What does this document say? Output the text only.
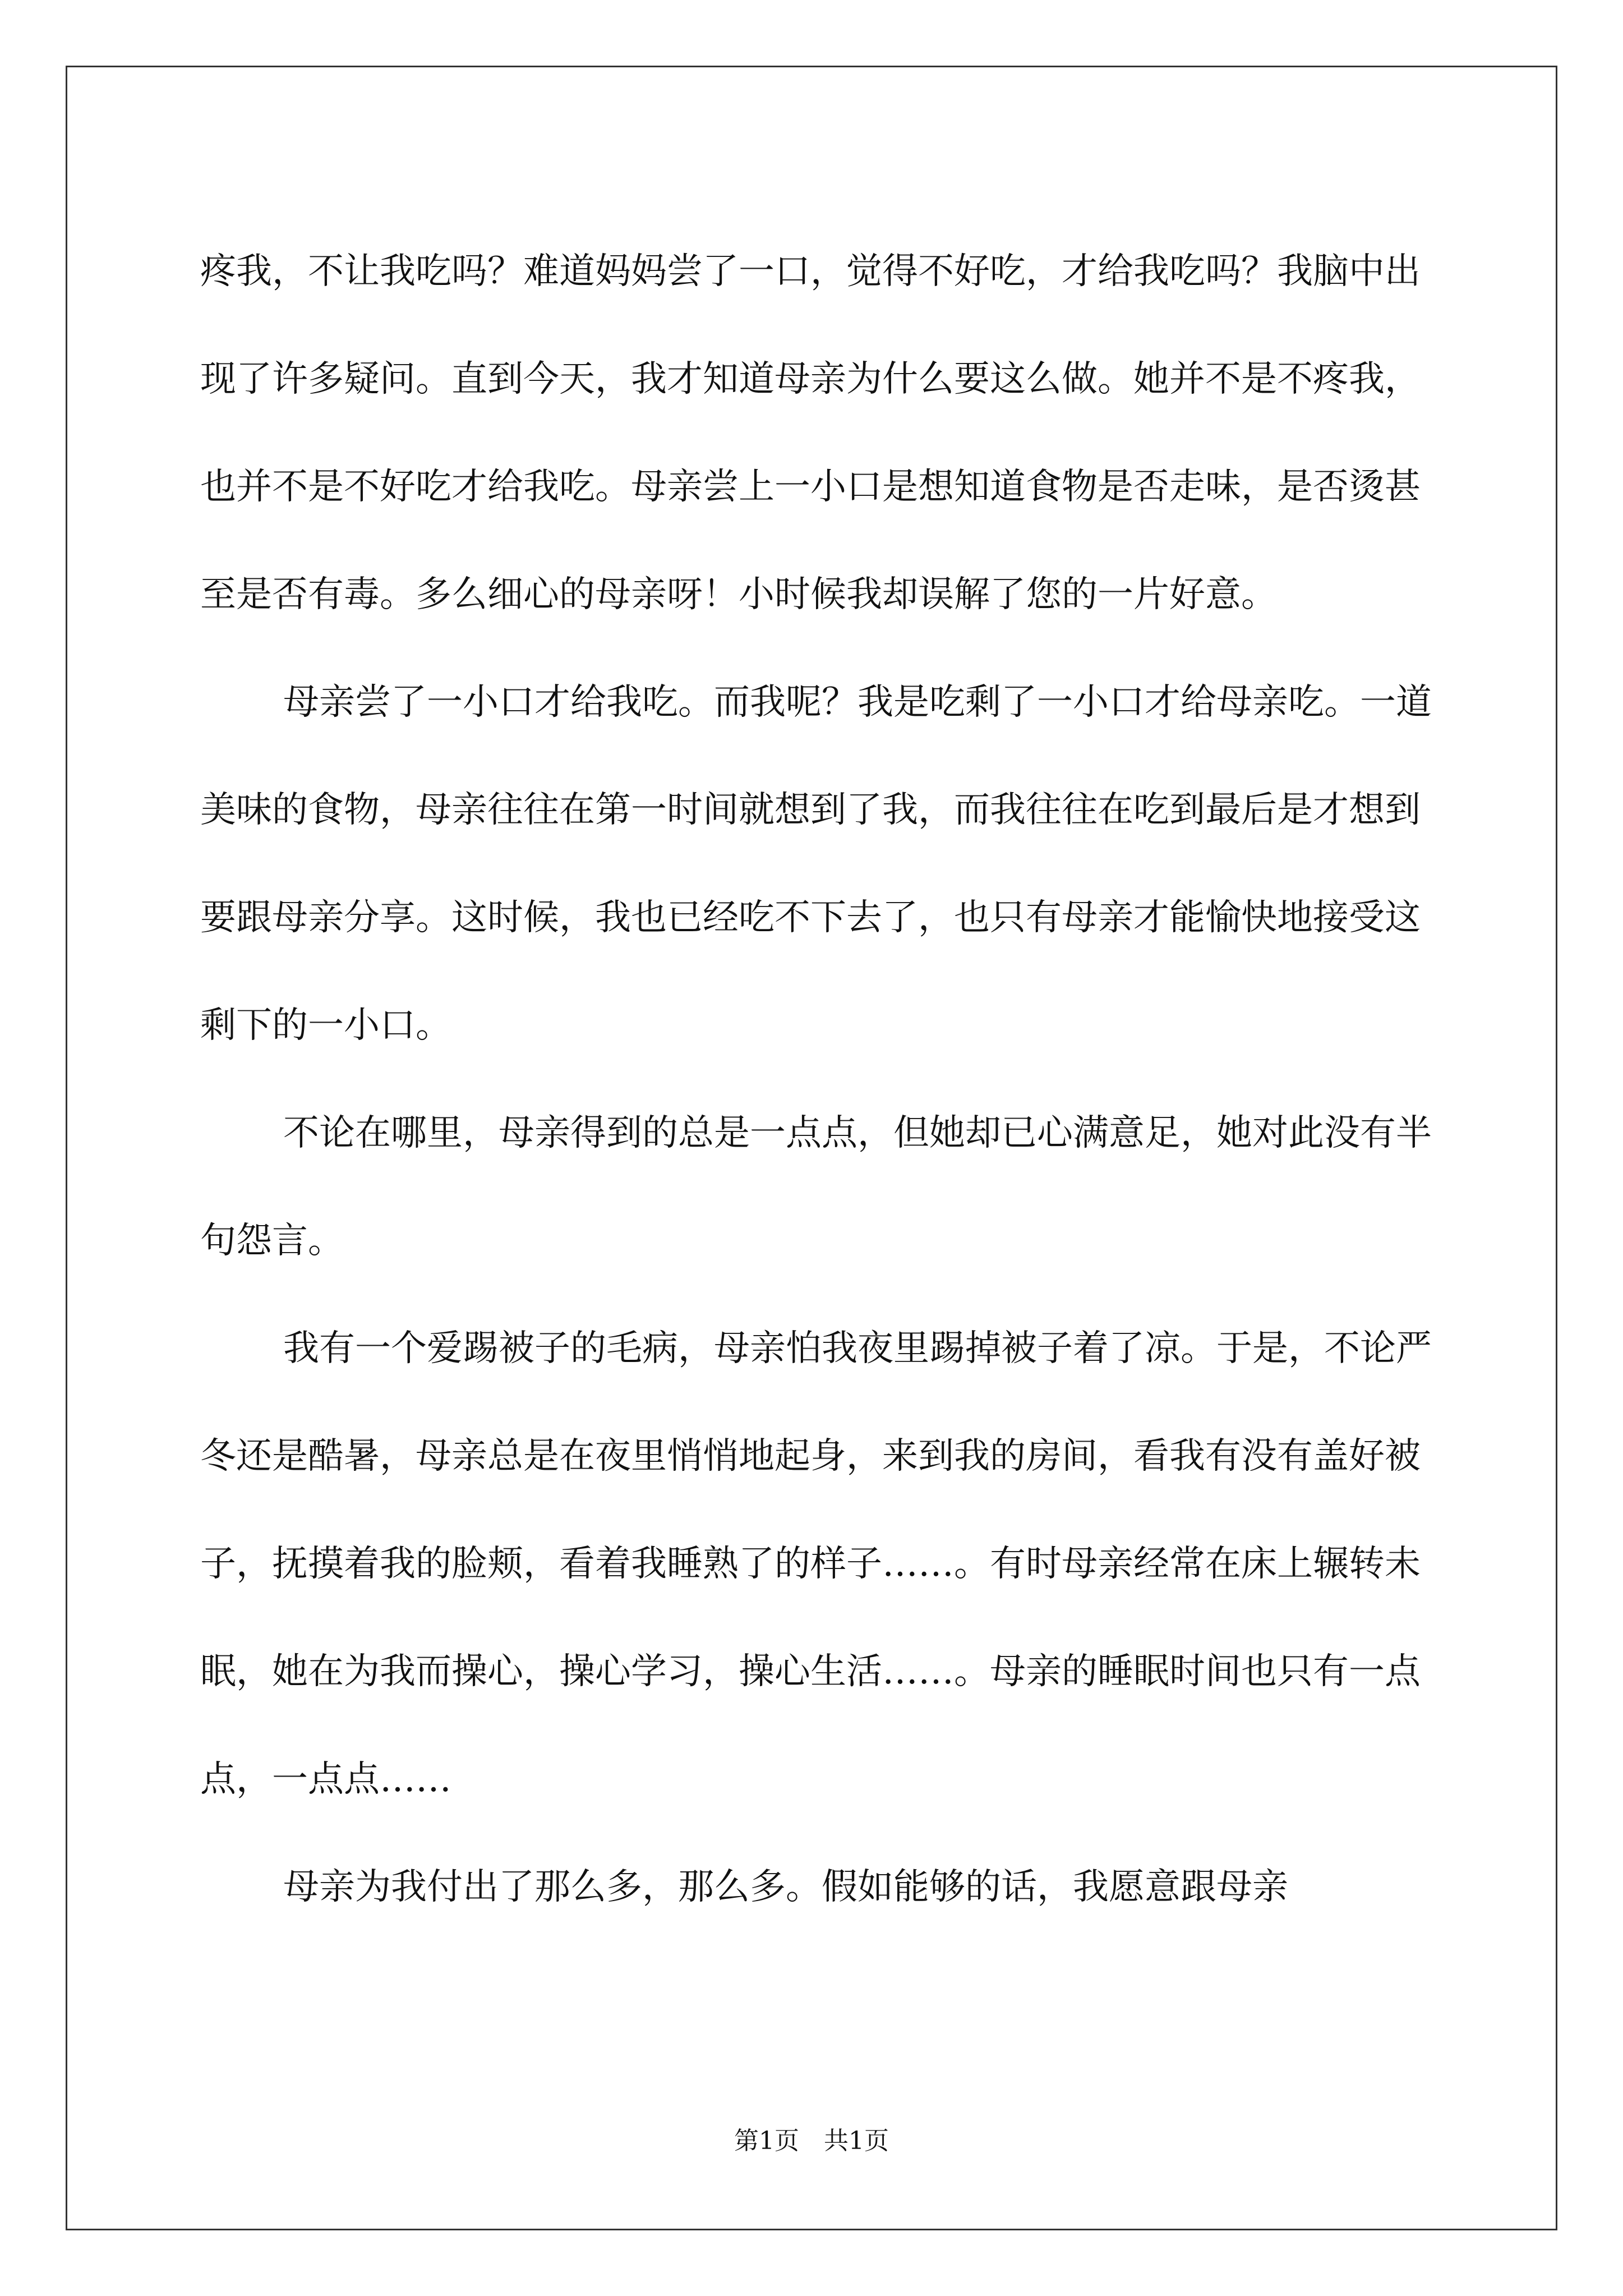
疼我，不让我吃吗？难道妈妈尝了一口，觉得不好吃，才给我吃吗？我脑中出现了许多疑问。直到今天，我才知道母亲为什么要这么做。她并不是不疼我，也并不是不好吃才给我吃。母亲尝上一小口是想知道食物是否走味，是否烫甚至是否有毒。多么细心的母亲呀！小时候我却误解了您的一片好意。

母亲尝了一小口才给我吃。而我呢？我是吃剩了一小口才给母亲吃。一道美味的食物，母亲往往在第一时间就想到了我，而我往往在吃到最后是才想到要跟母亲分享。这时候，我也已经吃不下去了，也只有母亲才能愉快地接受这剩下的一小口。

不论在哪里，母亲得到的总是一点点，但她却已心满意足，她对此没有半句怨言。

我有一个爱踢被子的毛病，母亲怕我夜里踢掉被子着了凉。于是，不论严冬还是酷暑，母亲总是在夜里悄悄地起身，来到我的房间，看我有没有盖好被子，抚摸着我的脸颊，看着我睡熟了的样子……。有时母亲经常在床上辗转未眠，她在为我而操心，操心学习，操心生活……。母亲的睡眠时间也只有一点点，一点点……

母亲为我付出了那么多，那么多。假如能够的话，我愿意跟母亲

第1页 共1页
